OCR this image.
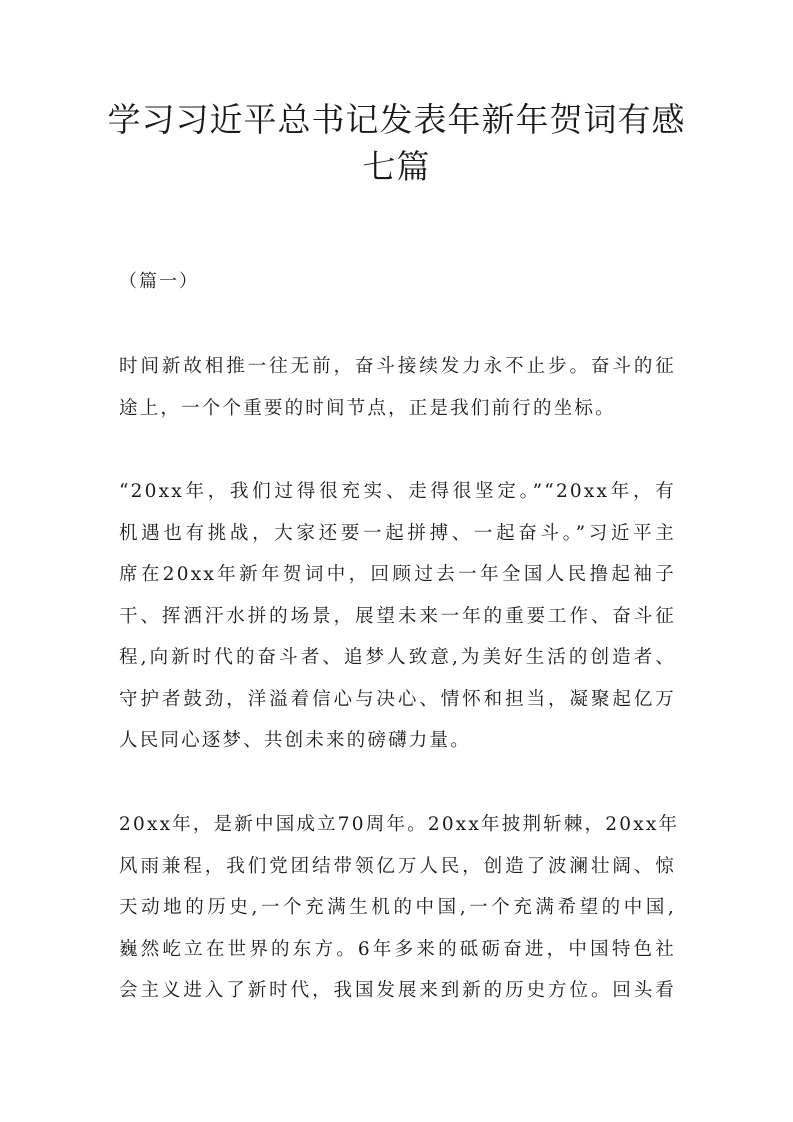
学习习近平总书记发表年新年贺词有感
七篇

（篇一）

时间新故相推一往无前，奋斗接续发力永不止步。奋斗的征
途上，一个个重要的时间节点，正是我们前行的坐标。
“20xx年，我们过得很充实、走得很坚定。”“20xx年，有
机遇也有挑战，大家还要一起拼搏、一起奋斗。”习近平主
席在20xx年新年贺词中，回顾过去一年全国人民撸起袖子
干、挥洒汗水拼的场景，展望未来一年的重要工作、奋斗征
程,向新时代的奋斗者、追梦人致意,为美好生活的创造者、
守护者鼓劲，洋溢着信心与决心、情怀和担当，凝聚起亿万
人民同心逐梦、共创未来的磅礴力量。
20xx年，是新中国成立70周年。20xx年披荆斩棘，20xx年
风雨兼程，我们党团结带领亿万人民，创造了波澜壮阔、惊
天动地的历史,一个充满生机的中国,一个充满希望的中国,
巍然屹立在世界的东方。6年多来的砥砺奋进，中国特色社
会主义进入了新时代，我国发展来到新的历史方位。回头看
